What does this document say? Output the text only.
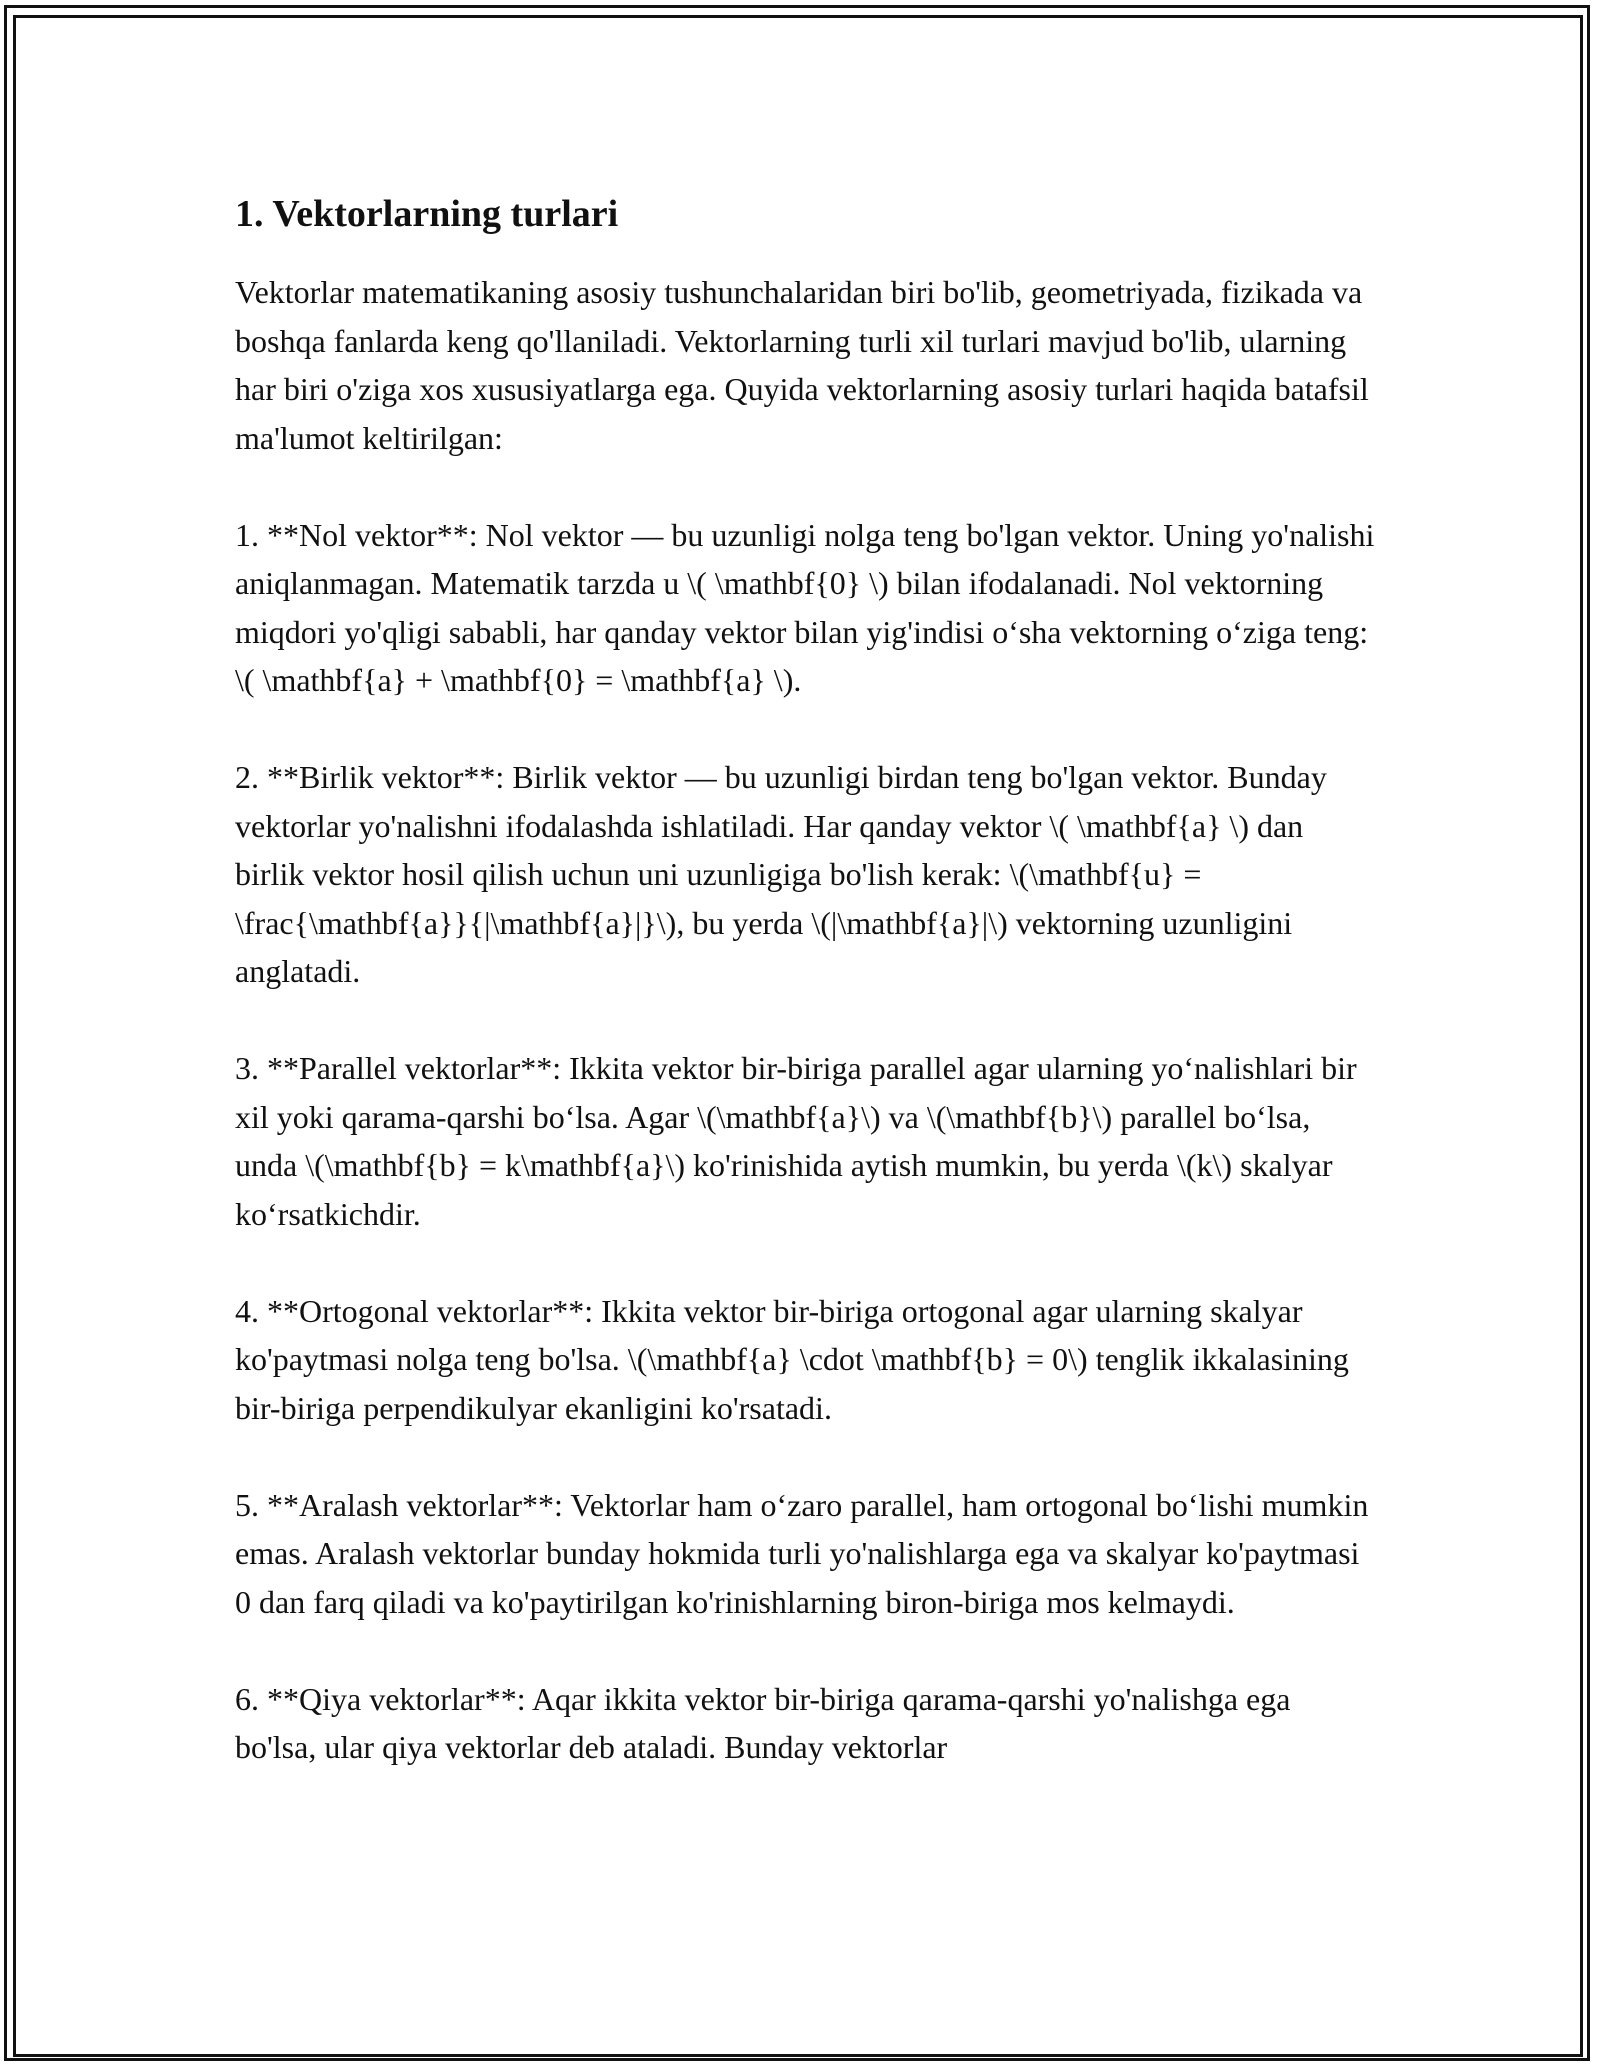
1. Vektorlarning turlari

Vektorlar matematikaning asosiy tushunchalaridan biri bo'lib, geometriyada, fizikada va boshqa fanlarda keng qo'llaniladi. Vektorlarning turli xil turlari mavjud bo'lib, ularning har biri o'ziga xos xususiyatlarga ega. Quyida vektorlarning asosiy turlari haqida batafsil ma'lumot keltirilgan:

1. **Nol vektor**: Nol vektor — bu uzunligi nolga teng bo'lgan vektor. Uning yo'nalishi aniqlanmagan. Matematik tarzda u \( \mathbf{0} \) bilan ifodalanadi. Nol vektorning miqdori yo'qligi sababli, har qanday vektor bilan yig'indisi o‘sha vektorning o‘ziga teng: \( \mathbf{a} + \mathbf{0} = \mathbf{a} \).

2. **Birlik vektor**: Birlik vektor — bu uzunligi birdan teng bo'lgan vektor. Bunday vektorlar yo'nalishni ifodalashda ishlatiladi. Har qanday vektor \( \mathbf{a} \) dan birlik vektor hosil qilish uchun uni uzunligiga bo'lish kerak: \(\mathbf{u} = \frac{\mathbf{a}}{|\mathbf{a}|}\), bu yerda \(|\mathbf{a}|\) vektorning uzunligini anglatadi.

3. **Parallel vektorlar**: Ikkita vektor bir-biriga parallel agar ularning yo‘nalishlari bir xil yoki qarama-qarshi bo‘lsa. Agar \(\mathbf{a}\) va \(\mathbf{b}\) parallel bo‘lsa, unda \(\mathbf{b} = k\mathbf{a}\) ko'rinishida aytish mumkin, bu yerda \(k\) skalyar ko‘rsatkichdir.

4. **Ortogonal vektorlar**: Ikkita vektor bir-biriga ortogonal agar ularning skalyar ko'paytmasi nolga teng bo'lsa. \(\mathbf{a} \cdot \mathbf{b} = 0\) tenglik ikkalasining bir-biriga perpendikulyar ekanligini ko'rsatadi.

5. **Aralash vektorlar**: Vektorlar ham o‘zaro parallel, ham ortogonal bo‘lishi mumkin emas. Aralash vektorlar bunday hokmida turli yo'nalishlarga ega va skalyar ko'paytmasi 0 dan farq qiladi va ko'paytirilgan ko'rinishlarning biron-biriga mos kelmaydi.

6. **Qiya vektorlar**: Aqar ikkita vektor bir-biriga qarama-qarshi yo'nalishga ega bo'lsa, ular qiya vektorlar deb ataladi. Bunday vektorlar
